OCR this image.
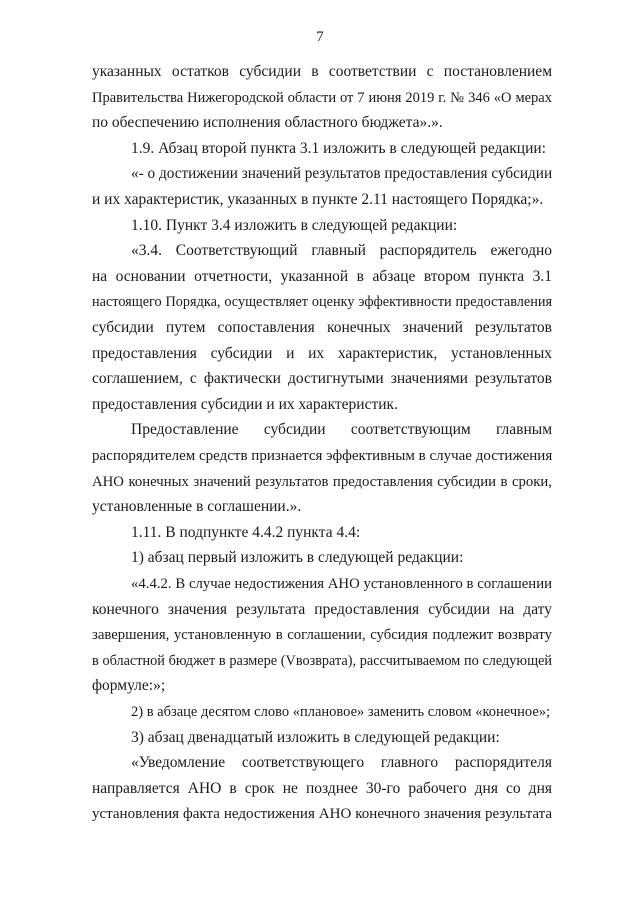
7
указанных остатков субсидии в соответствии с постановлением
Правительства Нижегородской области от 7 июня 2019 г. № 346 «О мерах
по обеспечению исполнения областного бюджета».».
1.9. Абзац второй пункта 3.1 изложить в следующей редакции:
«- о достижении значений результатов предоставления субсидии
и их характеристик, указанных в пункте 2.11 настоящего Порядка;».
1.10. Пункт 3.4 изложить в следующей редакции:
«3.4. Соответствующий главный распорядитель ежегодно
на основании отчетности, указанной в абзаце втором пункта 3.1
настоящего Порядка, осуществляет оценку эффективности предоставления
субсидии путем сопоставления конечных значений результатов
предоставления субсидии и их характеристик, установленных
соглашением, с фактически достигнутыми значениями результатов
предоставления субсидии и их характеристик.
Предоставление субсидии соответствующим главным
распорядителем средств признается эффективным в случае достижения
АНО конечных значений результатов предоставления субсидии в сроки,
установленные в соглашении.».
1.11. В подпункте 4.4.2 пункта 4.4:
1) абзац первый изложить в следующей редакции:
«4.4.2. В случае недостижения АНО установленного в соглашении
конечного значения результата предоставления субсидии на дату
завершения, установленную в соглашении, субсидия подлежит возврату
в областной бюджет в размере (Vвозврата), рассчитываемом по следующей
формуле:»;
2) в абзаце десятом слово «плановое» заменить словом «конечное»;
3) абзац двенадцатый изложить в следующей редакции:
«Уведомление соответствующего главного распорядителя
направляется АНО в срок не позднее 30-го рабочего дня со дня
установления факта недостижения АНО конечного значения результата
